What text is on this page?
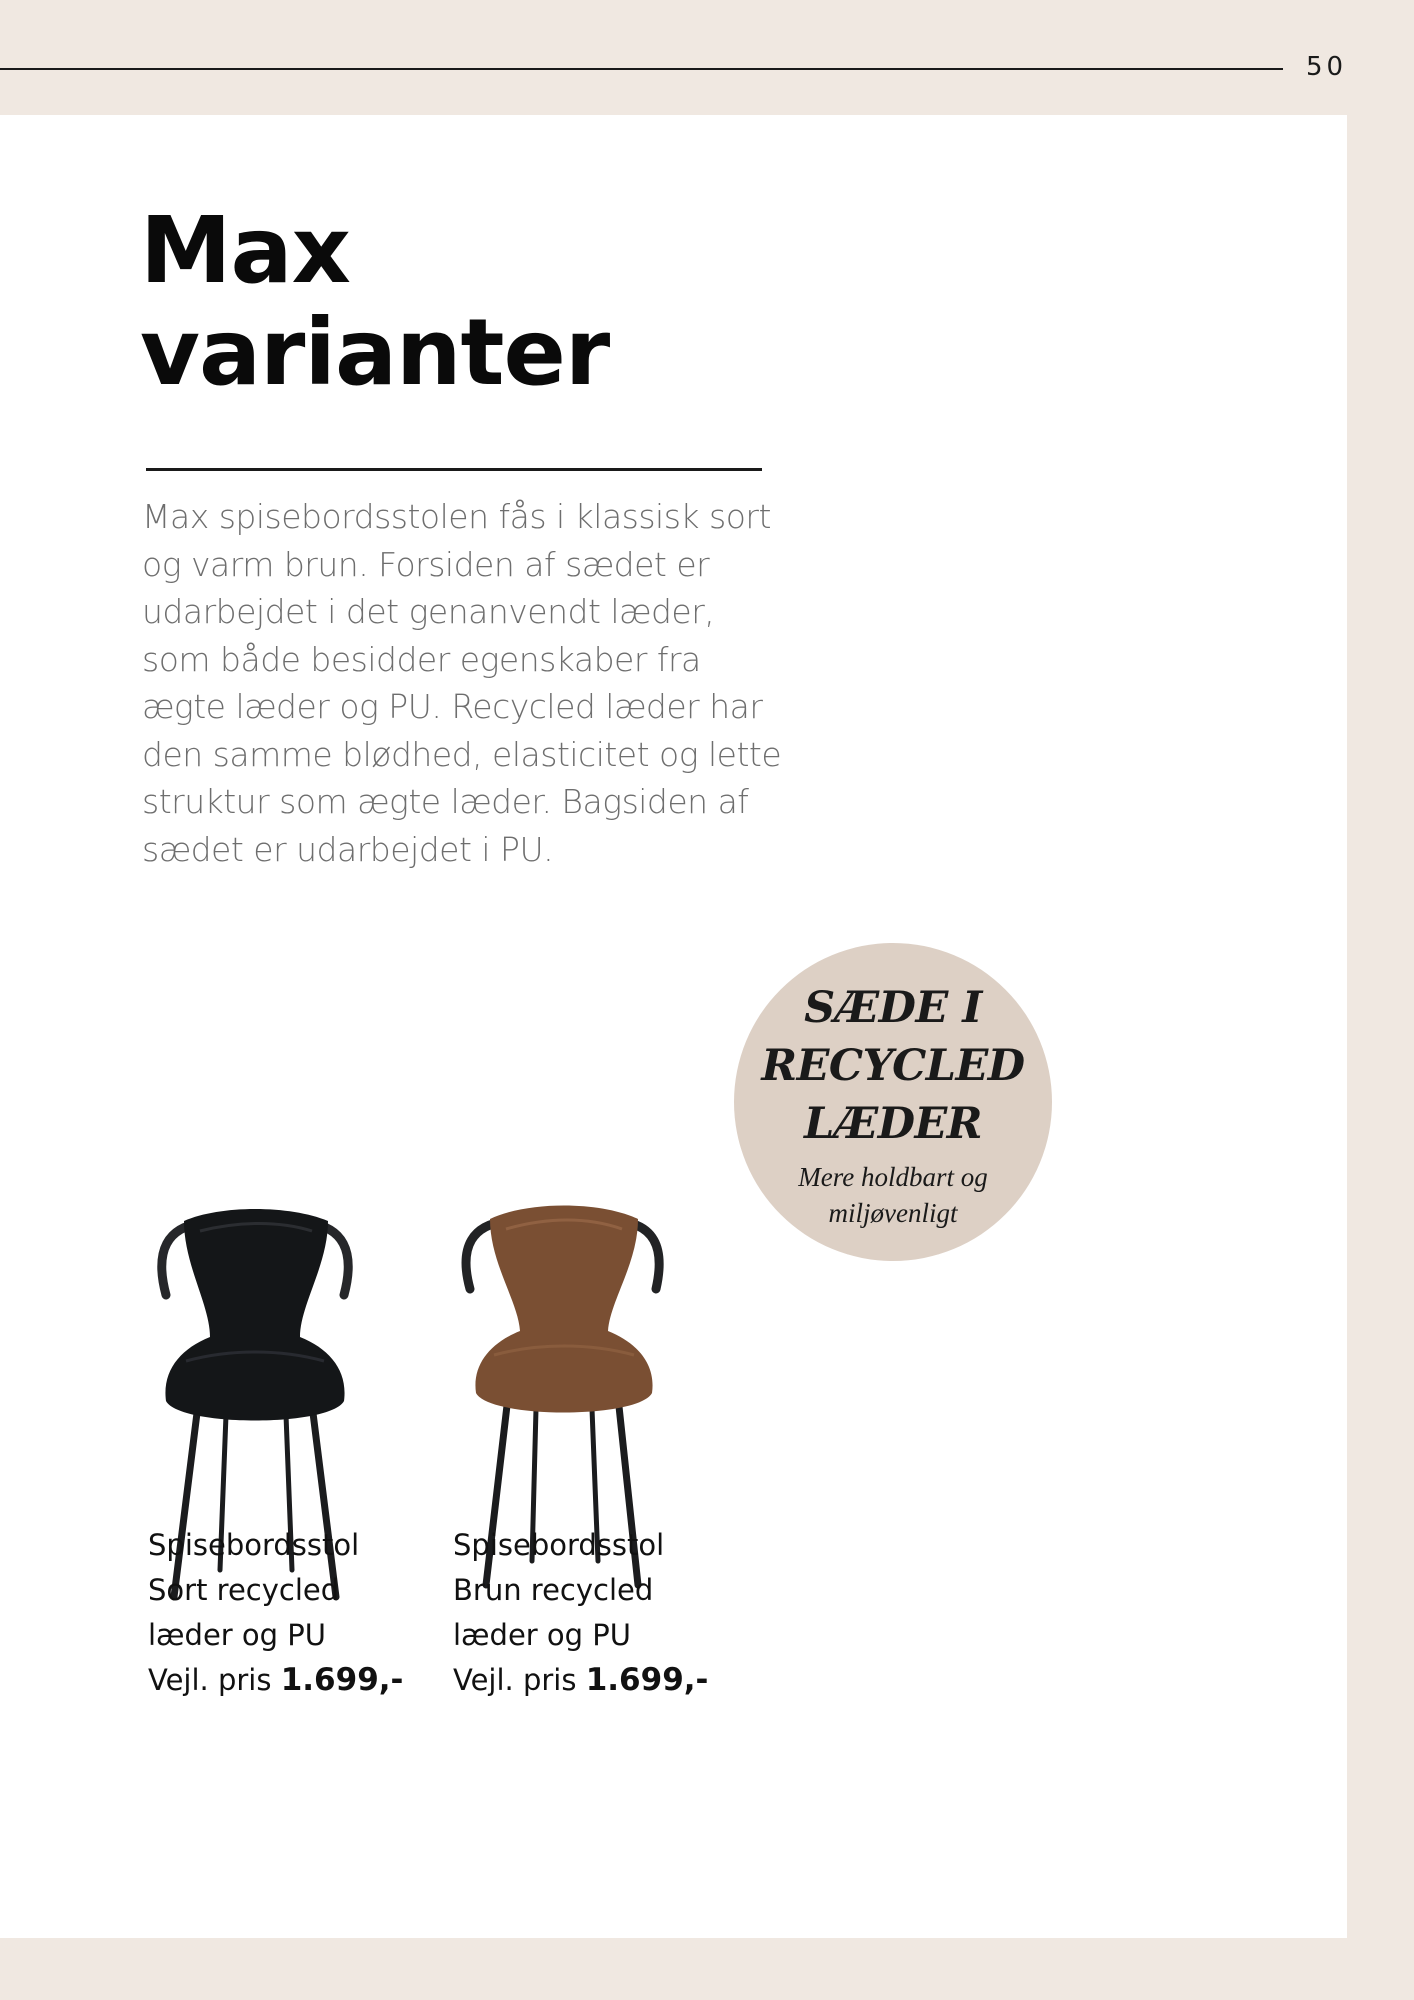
50
Max
varianter

Max spisebordsstolen fås i klassisk sort og varm brun. Forsiden af sædet er udarbejdet i det genanvendt læder, som både besidder egenskaber fra ægte læder og PU. Recycled læder har den samme blødhed, elasticitet og lette struktur som ægte læder. Bagsiden af sædet er udarbejdet i PU.

SÆDE I
RECYCLED
LÆDER
Mere holdbart og
miljøvenligt
Spisebordsstol
Sort recycled
læder og PU
Vejl. pris 1.699,-
Spisebordsstol
Brun recycled
læder og PU
Vejl. pris 1.699,-
